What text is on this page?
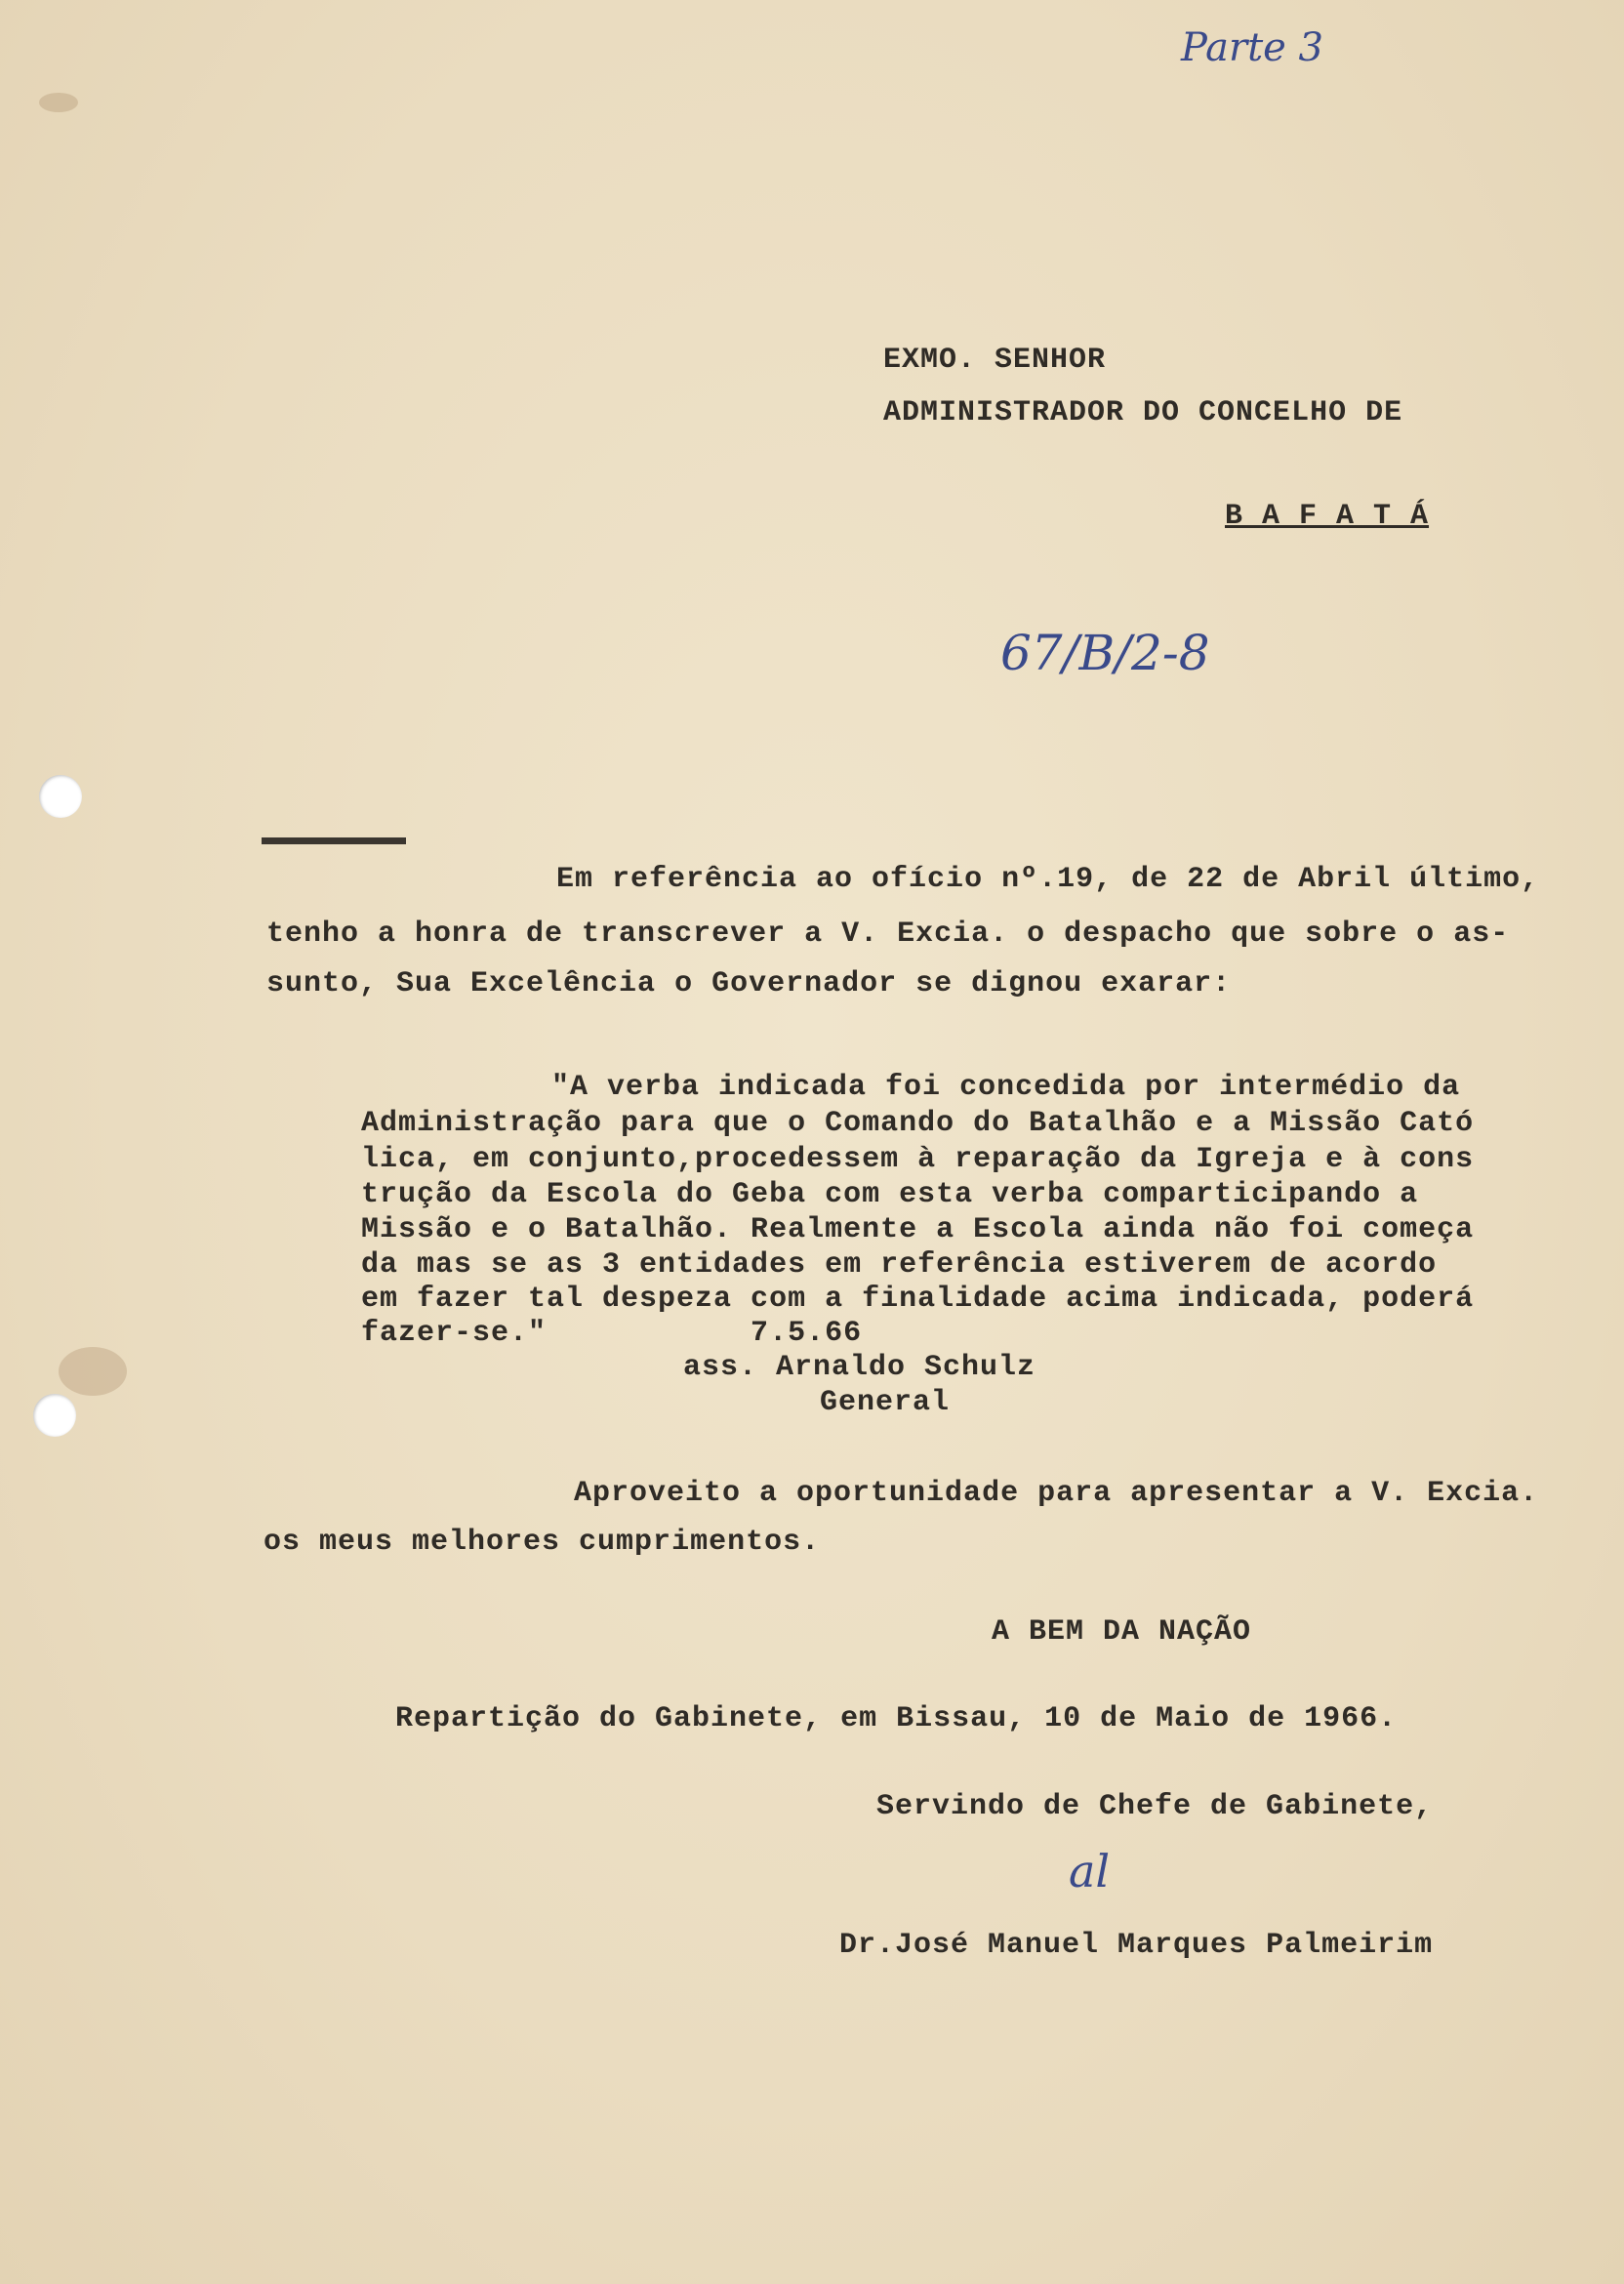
Parte 3
67/B/2-8
al
EXMO. SENHOR
ADMINISTRADOR DO CONCELHO DE
B A F A T Á
Em referência ao ofício nº.19, de 22 de Abril último,
tenho a honra de transcrever a V. Excia. o despacho que sobre o as-
sunto, Sua Excelência o Governador se dignou exarar:
"A verba indicada foi concedida por intermédio da
Administração para que o Comando do Batalhão e a Missão Cató
lica, em conjunto,procedessem à reparação da Igreja e à cons
trução da Escola do Geba com esta verba comparticipando a
Missão e o Batalhão. Realmente a Escola ainda não foi começa
da mas se as 3 entidades em referência estiverem de acordo
em fazer tal despeza com a finalidade acima indicada, poderá
fazer-se."           7.5.66
ass. Arnaldo Schulz
General
Aproveito a oportunidade para apresentar a V. Excia.
os meus melhores cumprimentos.
A BEM DA NAÇÃO
Repartição do Gabinete, em Bissau, 10 de Maio de 1966.
Servindo de Chefe de Gabinete,
Dr.José Manuel Marques Palmeirim
